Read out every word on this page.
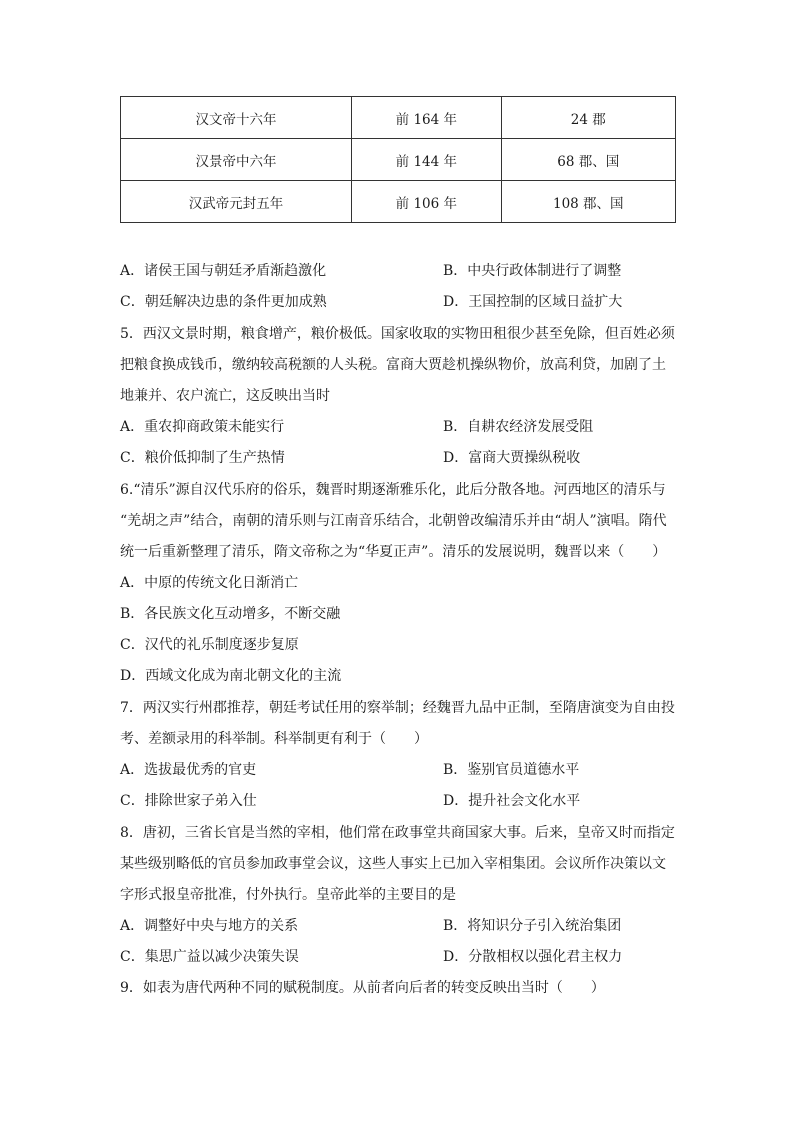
汉文帝十六年	前 164 年	24 郡
汉景帝中六年	前 144 年	68 郡、国
汉武帝元封五年	前 106 年	108 郡、国
A．诸侯王国与朝廷矛盾渐趋激化	B．中央行政体制进行了调整
C．朝廷解决边患的条件更加成熟	D．王国控制的区域日益扩大
5．西汉文景时期，粮食增产，粮价极低。国家收取的实物田租很少甚至免除，但百姓必须
把粮食换成钱币，缴纳较高税额的人头税。富商大贾趁机操纵物价，放高利贷，加剧了土
地兼并、农户流亡，这反映出当时
A．重农抑商政策未能实行	B．自耕农经济发展受阻
C．粮价低抑制了生产热情	D．富商大贾操纵税收
6.“清乐”源自汉代乐府的俗乐，魏晋时期逐渐雅乐化，此后分散各地。河西地区的清乐与
“羌胡之声”结合，南朝的清乐则与江南音乐结合，北朝曾改编清乐并由“胡人”演唱。隋代
统一后重新整理了清乐，隋文帝称之为“华夏正声”。清乐的发展说明，魏晋以来（　　）
A．中原的传统文化日渐消亡
B．各民族文化互动增多，不断交融
C．汉代的礼乐制度逐步复原
D．西域文化成为南北朝文化的主流
7．两汉实行州郡推荐，朝廷考试任用的察举制；经魏晋九品中正制，至隋唐演变为自由投
考、差额录用的科举制。科举制更有利于（　　）
A．选拔最优秀的官吏	B．鉴别官员道德水平
C．排除世家子弟入仕	D．提升社会文化水平
8．唐初，三省长官是当然的宰相，他们常在政事堂共商国家大事。后来，皇帝又时而指定
某些级别略低的官员参加政事堂会议，这些人事实上已加入宰相集团。会议所作决策以文
字形式报皇帝批准，付外执行。皇帝此举的主要目的是
A．调整好中央与地方的关系	B．将知识分子引入统治集团
C．集思广益以减少决策失误	D．分散相权以强化君主权力
9．如表为唐代两种不同的赋税制度。从前者向后者的转变反映出当时（　　）
